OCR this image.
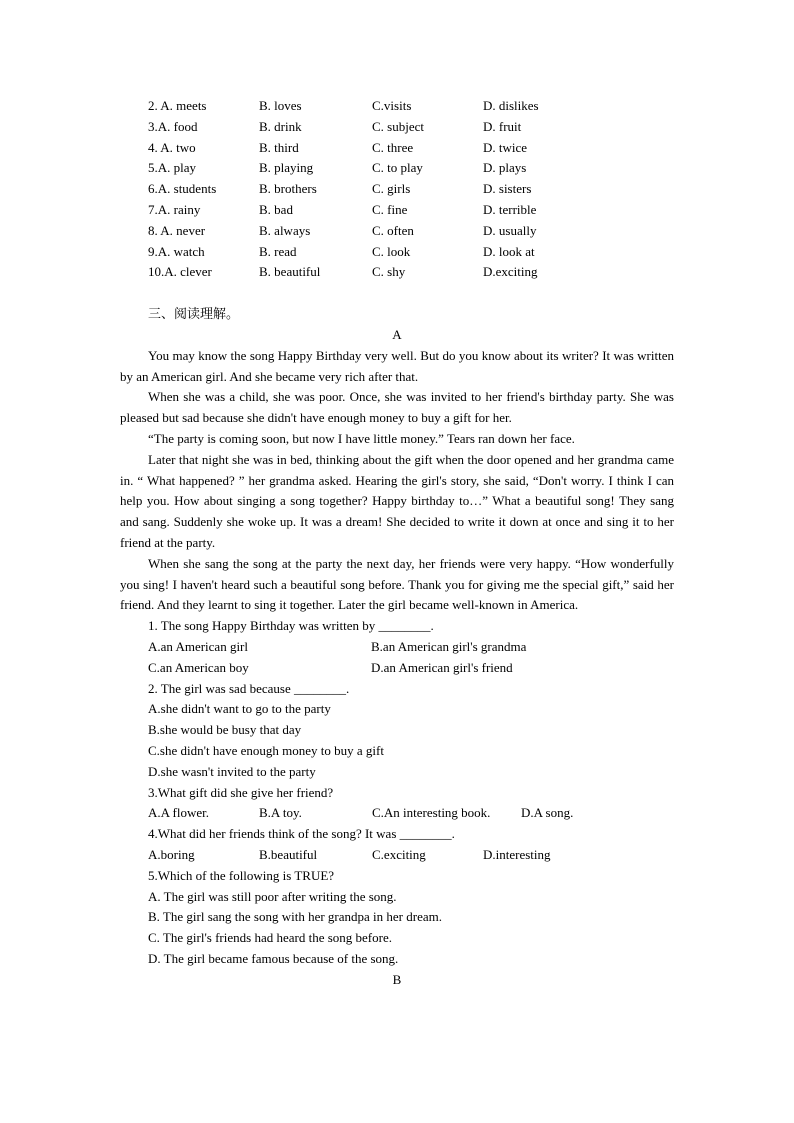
2. A. meets	B. loves	C.visits	D. dislikes
3.A. food	B. drink	C. subject	D. fruit
4. A. two	B. third	C. three	D. twice
5.A. play	B. playing	C. to play	D. plays
6.A. students	B. brothers	C. girls	D. sisters
7.A. rainy	B. bad	C. fine	D. terrible
8. A. never	B. always	C. often	D. usually
9.A. watch	B. read	C. look	D. look at
10.A. clever	B. beautiful	C. shy	D.exciting
三、阅读理解。
A

You may know the song Happy Birthday very well. But do you know about its writer? It was written by an American girl. And she became very rich after that.

When she was a child, she was poor. Once, she was invited to her friend's birthday party. She was pleased but sad because she didn't have enough money to buy a gift for her.

“The party is coming soon, but now I have little money.” Tears ran down her face.

Later that night she was in bed, thinking about the gift when the door opened and her grandma came in. “ What happened? ” her grandma asked. Hearing the girl's story, she said, “Don't worry. I think I can help you. How about singing a song together? Happy birthday to…” What a beautiful song! They sang and sang. Suddenly she woke up. It was a dream! She decided to write it down at once and sing it to her friend at the party.

When she sang the song at the party the next day, her friends were very happy. “How wonderfully you sing! I haven't heard such a beautiful song before. Thank you for giving me the special gift,” said her friend. And they learnt to sing it together. Later the girl became well-known in America.

1. The song Happy Birthday was written by ________.

A.an American girl	B.an American girl's grandma
C.an American boy	D.an American girl's friend

2. The girl was sad because ________.

A.she didn't want to go to the party

B.she would be busy that day

C.she didn't have enough money to buy a gift

D.she wasn't invited to the party

3.What gift did she give her friend?

A.A flower.	B.A toy.	C.An interesting book.	D.A song.

4.What did her friends think of the song? It was ________.

A.boring	B.beautiful	C.exciting	D.interesting

5.Which of the following is TRUE?

A. The girl was still poor after writing the song.

B. The girl sang the song with her grandpa in her dream.

C. The girl's friends had heard the song before.

D. The girl became famous because of the song.

B
